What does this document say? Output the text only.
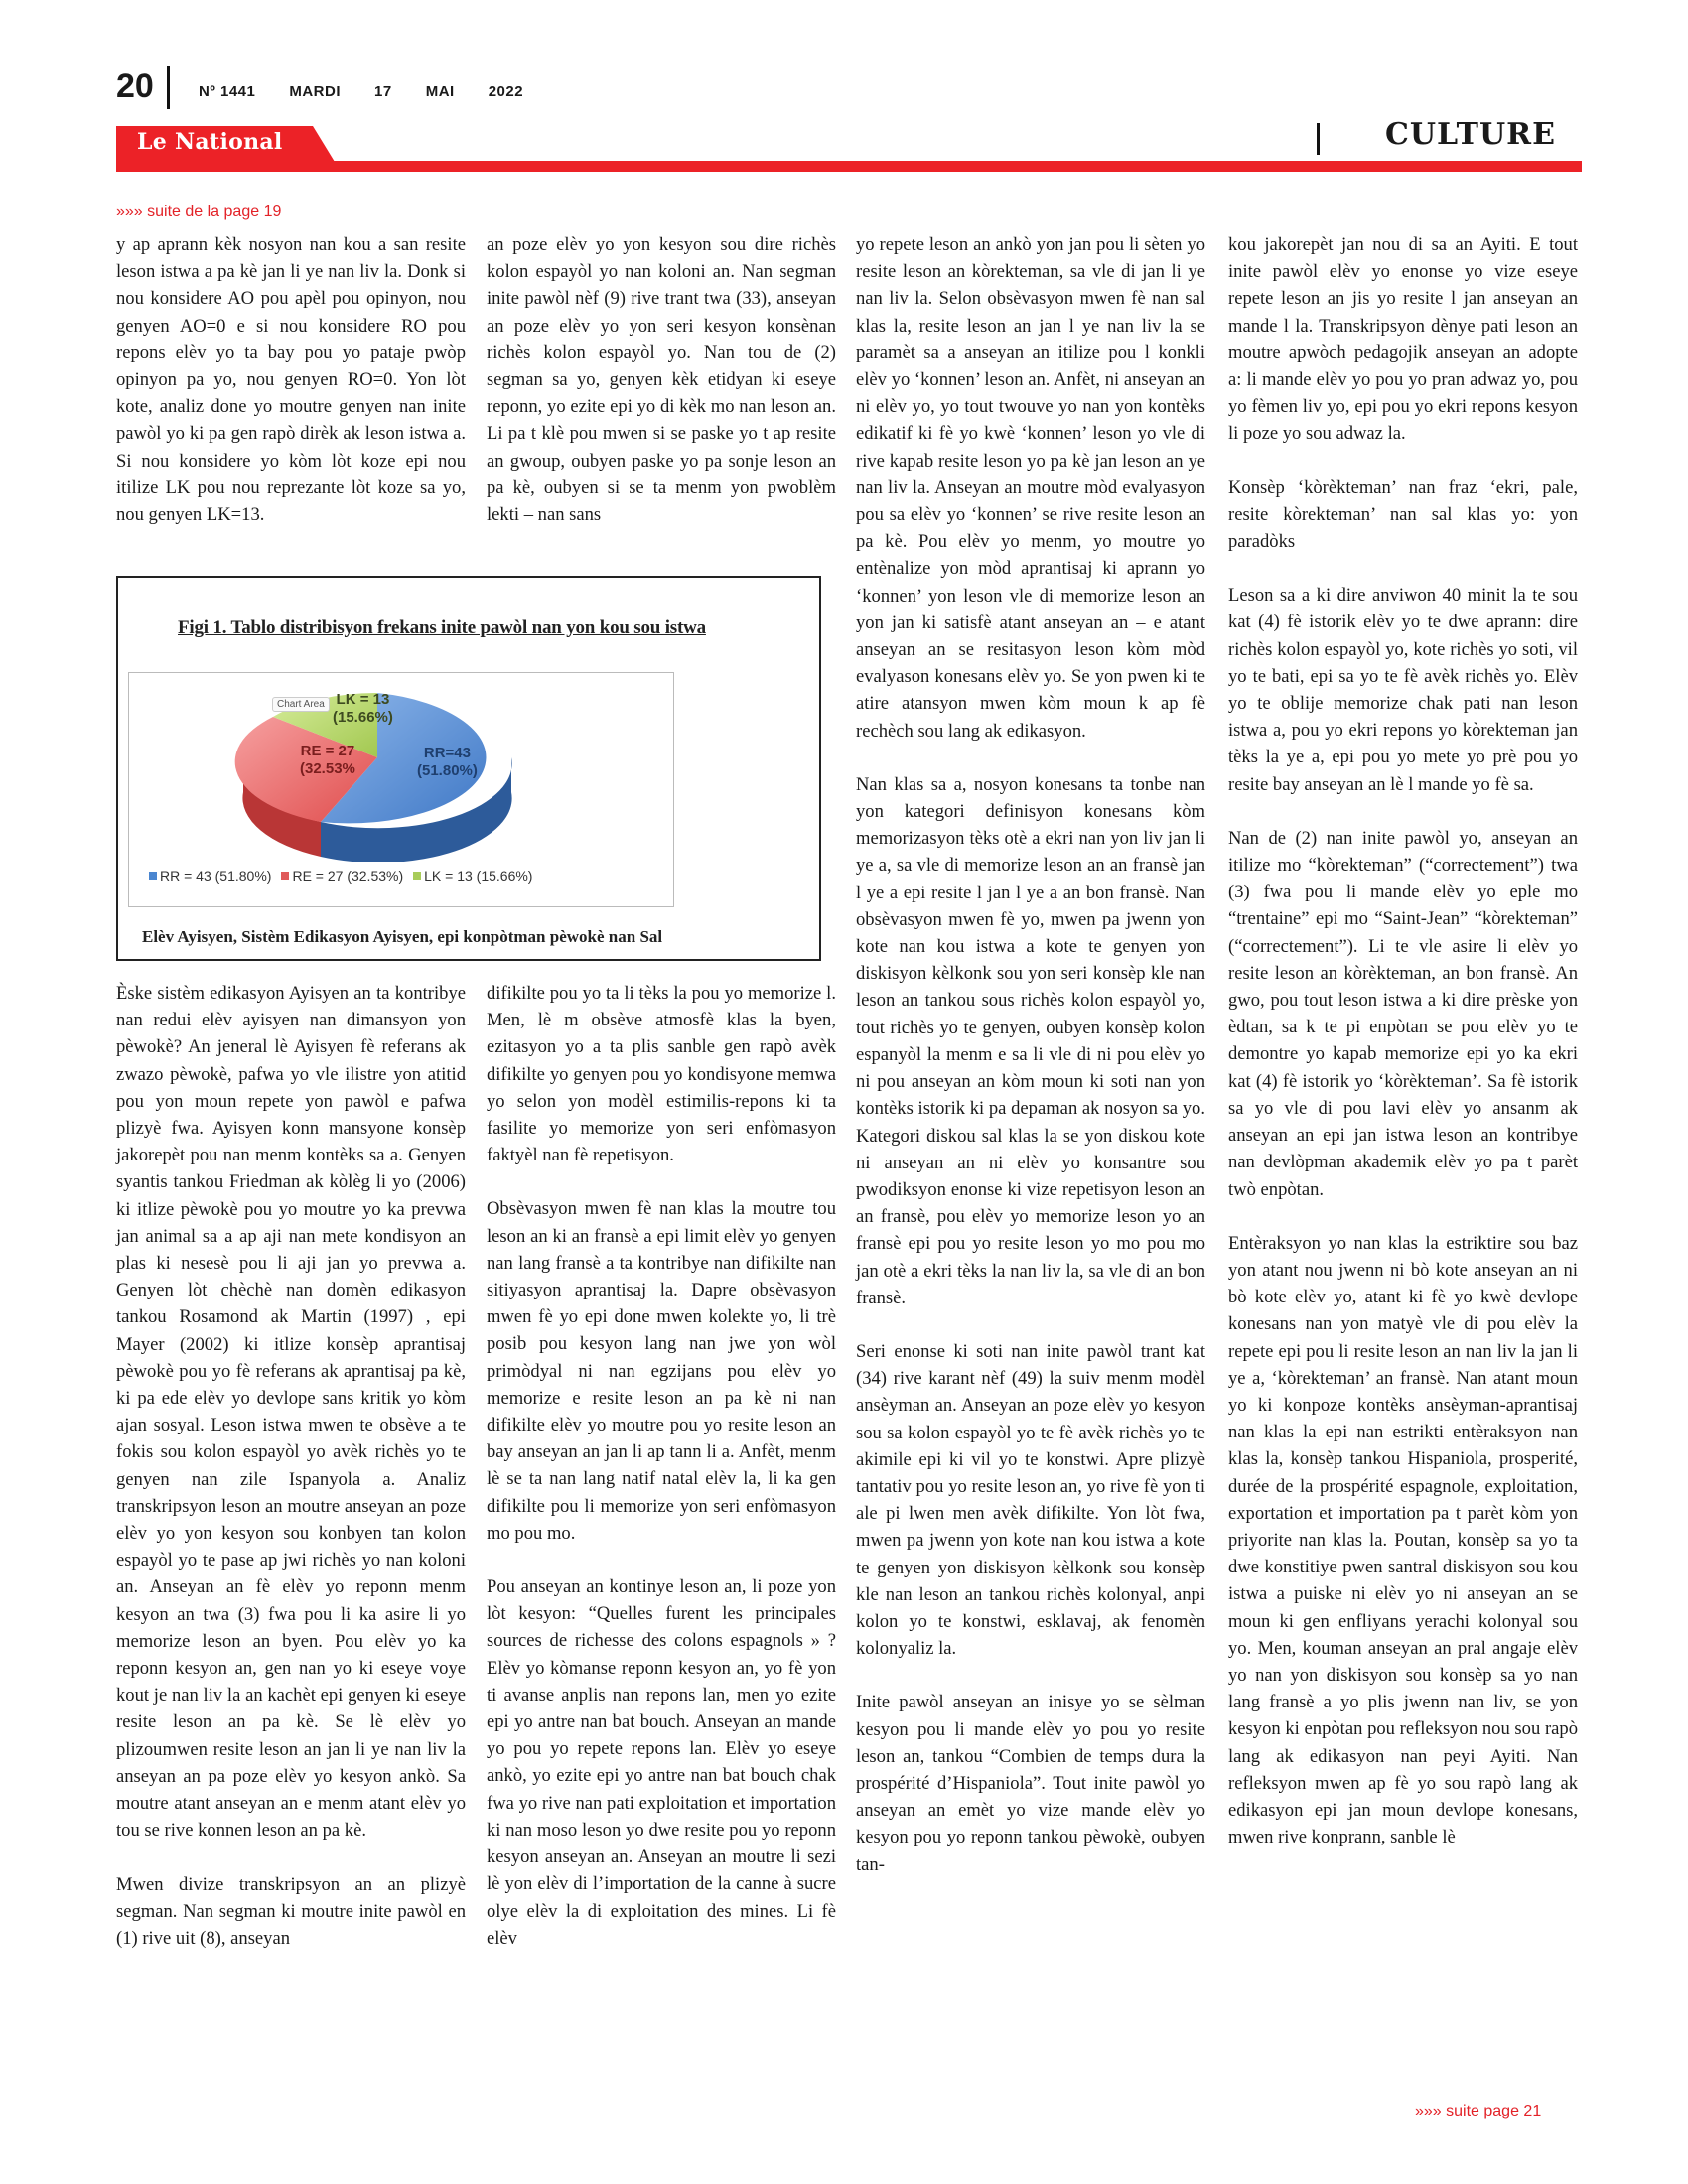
20	Nº 1441 MARDI 17 MAI 2022
Le National	CULTURE
»»» suite de la page 19

y ap aprann kèk nosyon nan kou a san resite leson istwa a pa kè jan li ye nan liv la. Donk si nou konsidere AO pou apèl pou opinyon, nou genyen AO=0 e si nou konsidere RO pou repons elèv yo ta bay pou yo pataje pwòp opinyon pa yo, nou genyen RO=0. Yon lòt kote, analiz done yo moutre genyen nan inite pawòl yo ki pa gen rapò dirèk ak leson istwa a. Si nou konsidere yo kòm lòt koze epi nou itilize LK pou nou reprezante lòt koze sa yo, nou genyen LK=13.

an poze elèv yo yon kesyon sou dire richès kolon espayòl yo nan koloni an. Nan segman inite pawòl nèf (9) rive trant twa (33), anseyan an poze elèv yo yon seri kesyon konsènan richès kolon espayòl yo. Nan tou de (2) segman sa yo, genyen kèk etidyan ki eseye reponn, yo ezite epi yo di kèk mo nan leson an. Li pa t klè pou mwen si se paske yo t ap resite an gwoup, oubyen paske yo pa sonje leson an pa kè, oubyen si se ta menm yon pwoblèm lekti – nan sans

Figi 1. Tablo distribisyon frekans inite pawòl nan yon kou sou istwa
Chart Area LK = 13
(15.66%)
RE = 27
(32.53%
RR=43
(51.80%)
RR = 43 (51.80%) RE = 27 (32.53%) LK = 13 (15.66%)
Elèv Ayisyen, Sistèm Edikasyon Ayisyen, epi konpòtman pèwokè nan Sal

Èske sistèm edikasyon Ayisyen an ta kontribye nan redui elèv ayisyen nan dimansyon yon pèwokè? An jeneral lè Ayisyen fè referans ak zwazo pèwokè, pafwa yo vle ilistre yon atitid pou yon moun repete yon pawòl e pafwa plizyè fwa. Ayisyen konn mansyone konsèp jakorepèt pou nan menm kontèks sa a. Genyen syantis tankou Friedman ak kòlèg li yo (2006) ki itlize pèwokè pou yo moutre yo ka prevwa jan animal sa a ap aji nan mete kondisyon an plas ki nesesè pou li aji jan yo prevwa a. Genyen lòt chèchè nan domèn edikasyon tankou Rosamond ak Martin (1997) , epi Mayer (2002) ki itlize konsèp aprantisaj pèwokè pou yo fè referans ak aprantisaj pa kè, ki pa ede elèv yo devlope sans kritik yo kòm ajan sosyal. Leson istwa mwen te obsève a te fokis sou kolon espayòl yo avèk richès yo te genyen nan zile Ispanyola a. Analiz transkripsyon leson an moutre anseyan an poze elèv yo yon kesyon sou konbyen tan kolon espayòl yo te pase ap jwi richès yo nan koloni an. Anseyan an fè elèv yo reponn menm kesyon an twa (3) fwa pou li ka asire li yo memorize leson an byen. Pou elèv yo ka reponn kesyon an, gen nan yo ki eseye voye kout je nan liv la an kachèt epi genyen ki eseye resite leson an pa kè. Se lè elèv yo plizoumwen resite leson an jan li ye nan liv la anseyan an pa poze elèv yo kesyon ankò. Sa moutre atant anseyan an e menm atant elèv yo tou se rive konnen leson an pa kè.

Mwen divize transkripsyon an an plizyè segman. Nan segman ki moutre inite pawòl en (1) rive uit (8), anseyan

difikilte pou yo ta li tèks la pou yo memorize l. Men, lè m obsève atmosfè klas la byen, ezitasyon yo a ta plis sanble gen rapò avèk difikilte yo genyen pou yo kondisyone memwa yo selon yon modèl estimilis-repons ki ta fasilite yo memorize yon seri enfòmasyon faktyèl nan fè repetisyon.

Obsèvasyon mwen fè nan klas la moutre tou leson an ki an fransè a epi limit elèv yo genyen nan lang fransè a ta kontribye nan difikilte nan sitiyasyon aprantisaj la. Dapre obsèvasyon mwen fè yo epi done mwen kolekte yo, li trè posib pou kesyon lang nan jwe yon wòl primòdyal ni nan egzijans pou elèv yo memorize e resite leson an pa kè ni nan difikilte elèv yo moutre pou yo resite leson an bay anseyan an jan li ap tann li a. Anfèt, menm lè se ta nan lang natif natal elèv la, li ka gen difikilte pou li memorize yon seri enfòmasyon mo pou mo.

Pou anseyan an kontinye leson an, li poze yon lòt kesyon: “Quelles furent les principales sources de richesse des colons espagnols » ? Elèv yo kòmanse reponn kesyon an, yo fè yon ti avanse anplis nan repons lan, men yo ezite epi yo antre nan bat bouch. Anseyan an mande yo pou yo repete repons lan. Elèv yo eseye ankò, yo ezite epi yo antre nan bat bouch chak fwa yo rive nan pati exploitation et importation ki nan moso leson yo dwe resite pou yo reponn kesyon anseyan an. Anseyan an moutre li sezi lè yon elèv di l’importation de la canne à sucre olye elèv la di exploitation des mines. Li fè elèv

yo repete leson an ankò yon jan pou li sèten yo resite leson an kòrekteman, sa vle di jan li ye nan liv la. Selon obsèvasyon mwen fè nan sal klas la, resite leson an jan l ye nan liv la se paramèt sa a anseyan an itilize pou l konkli elèv yo ‘konnen’ leson an. Anfèt, ni anseyan an ni elèv yo, yo tout twouve yo nan yon kontèks edikatif ki fè yo kwè ‘konnen’ leson yo vle di rive kapab resite leson yo pa kè jan leson an ye nan liv la. Anseyan an moutre mòd evalyasyon pou sa elèv yo ‘konnen’ se rive resite leson an pa kè. Pou elèv yo menm, yo moutre yo entènalize yon mòd aprantisaj ki aprann yo ‘konnen’ yon leson vle di memorize leson an yon jan ki satisfè atant anseyan an – e atant anseyan an se resitasyon leson kòm mòd evalyason konesans elèv yo. Se yon pwen ki te atire atansyon mwen kòm moun k ap fè rechèch sou lang ak edikasyon.

Nan klas sa a, nosyon konesans ta tonbe nan yon kategori definisyon konesans kòm memorizasyon tèks otè a ekri nan yon liv jan li ye a, sa vle di memorize leson an an fransè jan l ye a epi resite l jan l ye a an bon fransè. Nan obsèvasyon mwen fè yo, mwen pa jwenn yon kote nan kou istwa a kote te genyen yon diskisyon kèlkonk sou yon seri konsèp kle nan leson an tankou sous richès kolon espayòl yo, tout richès yo te genyen, oubyen konsèp kolon espanyòl la menm e sa li vle di ni pou elèv yo ni pou anseyan an kòm moun ki soti nan yon kontèks istorik ki pa depaman ak nosyon sa yo. Kategori diskou sal klas la se yon diskou kote ni anseyan an ni elèv yo konsantre sou pwodiksyon enonse ki vize repetisyon leson an an fransè, pou elèv yo memorize leson yo an fransè epi pou yo resite leson yo mo pou mo jan otè a ekri tèks la nan liv la, sa vle di an bon fransè.

Seri enonse ki soti nan inite pawòl trant kat (34) rive karant nèf (49) la suiv menm modèl ansèyman an. Anseyan an poze elèv yo kesyon sou sa kolon espayòl yo te fè avèk richès yo te akimile epi ki vil yo te konstwi. Apre plizyè tantativ pou yo resite leson an, yo rive fè yon ti ale pi lwen men avèk difikilte. Yon lòt fwa, mwen pa jwenn yon kote nan kou istwa a kote te genyen yon diskisyon kèlkonk sou konsèp kle nan leson an tankou richès kolonyal, anpi kolon yo te konstwi, esklavaj, ak fenomèn kolonyaliz la.

Inite pawòl anseyan an inisye yo se sèlman kesyon pou li mande elèv yo pou yo resite leson an, tankou “Combien de temps dura la prospérité d’Hispaniola”. Tout inite pawòl yo anseyan an emèt yo vize mande elèv yo kesyon pou yo reponn tankou pèwokè, oubyen tan-

kou jakorepèt jan nou di sa an Ayiti. E tout inite pawòl elèv yo enonse yo vize eseye repete leson an jis yo resite l jan anseyan an mande l la. Transkripsyon dènye pati leson an moutre apwòch pedagojik anseyan an adopte a: li mande elèv yo pou yo pran adwaz yo, pou yo fèmen liv yo, epi pou yo ekri repons kesyon li poze yo sou adwaz la.

Konsèp ‘kòrèkteman’ nan fraz ‘ekri, pale, resite kòrekteman’ nan sal klas yo: yon paradòks

Leson sa a ki dire anviwon 40 minit la te sou kat (4) fè istorik elèv yo te dwe aprann: dire richès kolon espayòl yo, kote richès yo soti, vil yo te bati, epi sa yo te fè avèk richès yo. Elèv yo te oblije memorize chak pati nan leson istwa a, pou yo ekri repons yo kòrekteman jan tèks la ye a, epi pou yo mete yo prè pou yo resite bay anseyan an lè l mande yo fè sa.

Nan de (2) nan inite pawòl yo, anseyan an itilize mo “kòrekteman” (“correctement”) twa (3) fwa pou li mande elèv yo eple mo “trentaine” epi mo “Saint-Jean” “kòrekteman” (“correctement”). Li te vle asire li elèv yo resite leson an kòrèkteman, an bon fransè. An gwo, pou tout leson istwa a ki dire prèske yon èdtan, sa k te pi enpòtan se pou elèv yo te demontre yo kapab memorize epi yo ka ekri kat (4) fè istorik yo ‘kòrèkteman’. Sa fè istorik sa yo vle di pou lavi elèv yo ansanm ak anseyan an epi jan istwa leson an kontribye nan devlòpman akademik elèv yo pa t parèt twò enpòtan.

Entèraksyon yo nan klas la estriktire sou baz yon atant nou jwenn ni bò kote anseyan an ni bò kote elèv yo, atant ki fè yo kwè devlope konesans nan yon matyè vle di pou elèv la repete epi pou li resite leson an nan liv la jan li ye a, ‘kòrekteman’ an fransè. Nan atant moun yo ki konpoze kontèks ansèyman-aprantisaj nan klas la epi nan estrikti entèraksyon nan klas la, konsèp tankou Hispaniola, prosperité, durée de la prospérité espagnole, exploitation, exportation et importation pa t parèt kòm yon priyorite nan klas la. Poutan, konsèp sa yo ta dwe konstitiye pwen santral diskisyon sou kou istwa a puiske ni elèv yo ni anseyan an se moun ki gen enfliyans yerachi kolonyal sou yo. Men, kouman anseyan an pral angaje elèv yo nan yon diskisyon sou konsèp sa yo nan lang fransè a yo plis jwenn nan liv, se yon kesyon ki enpòtan pou refleksyon nou sou rapò lang ak edikasyon nan peyi Ayiti. Nan refleksyon mwen ap fè yo sou rapò lang ak edikasyon epi jan moun devlope konesans, mwen rive konprann, sanble lè

»»» suite page 21
